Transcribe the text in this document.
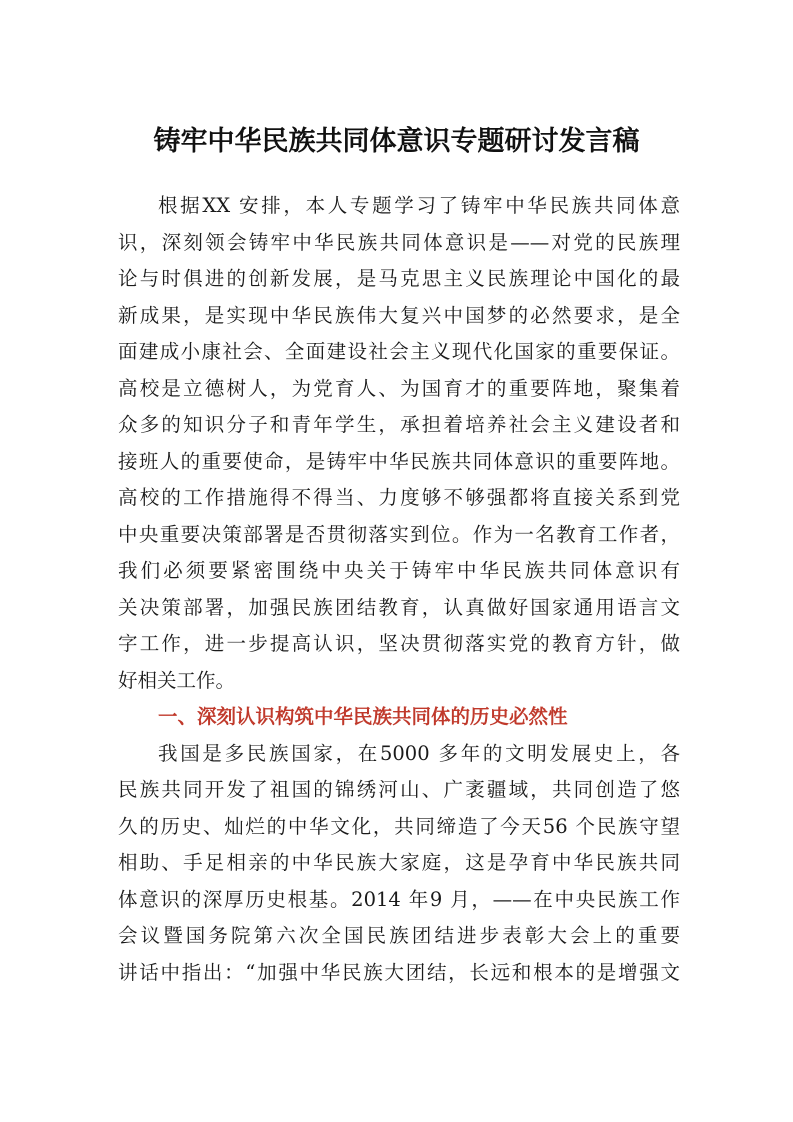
铸牢中华民族共同体意识专题研讨发言稿
根据XX 安排，本人专题学习了铸牢中华民族共同体意
识，深刻领会铸牢中华民族共同体意识是——对党的民族理
论与时俱进的创新发展，是马克思主义民族理论中国化的最
新成果，是实现中华民族伟大复兴中国梦的必然要求，是全
面建成小康社会、全面建设社会主义现代化国家的重要保证。
高校是立德树人，为党育人、为国育才的重要阵地，聚集着
众多的知识分子和青年学生，承担着培养社会主义建设者和
接班人的重要使命，是铸牢中华民族共同体意识的重要阵地。
高校的工作措施得不得当、力度够不够强都将直接关系到党
中央重要决策部署是否贯彻落实到位。作为一名教育工作者，
我们必须要紧密围绕中央关于铸牢中华民族共同体意识有
关决策部署，加强民族团结教育，认真做好国家通用语言文
字工作，进一步提高认识，坚决贯彻落实党的教育方针，做
好相关工作。
一、深刻认识构筑中华民族共同体的历史必然性
我国是多民族国家，在5000 多年的文明发展史上，各
民族共同开发了祖国的锦绣河山、广袤疆域，共同创造了悠
久的历史、灿烂的中华文化，共同缔造了今天56 个民族守望
相助、手足相亲的中华民族大家庭，这是孕育中华民族共同
体意识的深厚历史根基。2014 年9 月，——在中央民族工作
会议暨国务院第六次全国民族团结进步表彰大会上的重要
讲话中指出：“加强中华民族大团结，长远和根本的是增强文
